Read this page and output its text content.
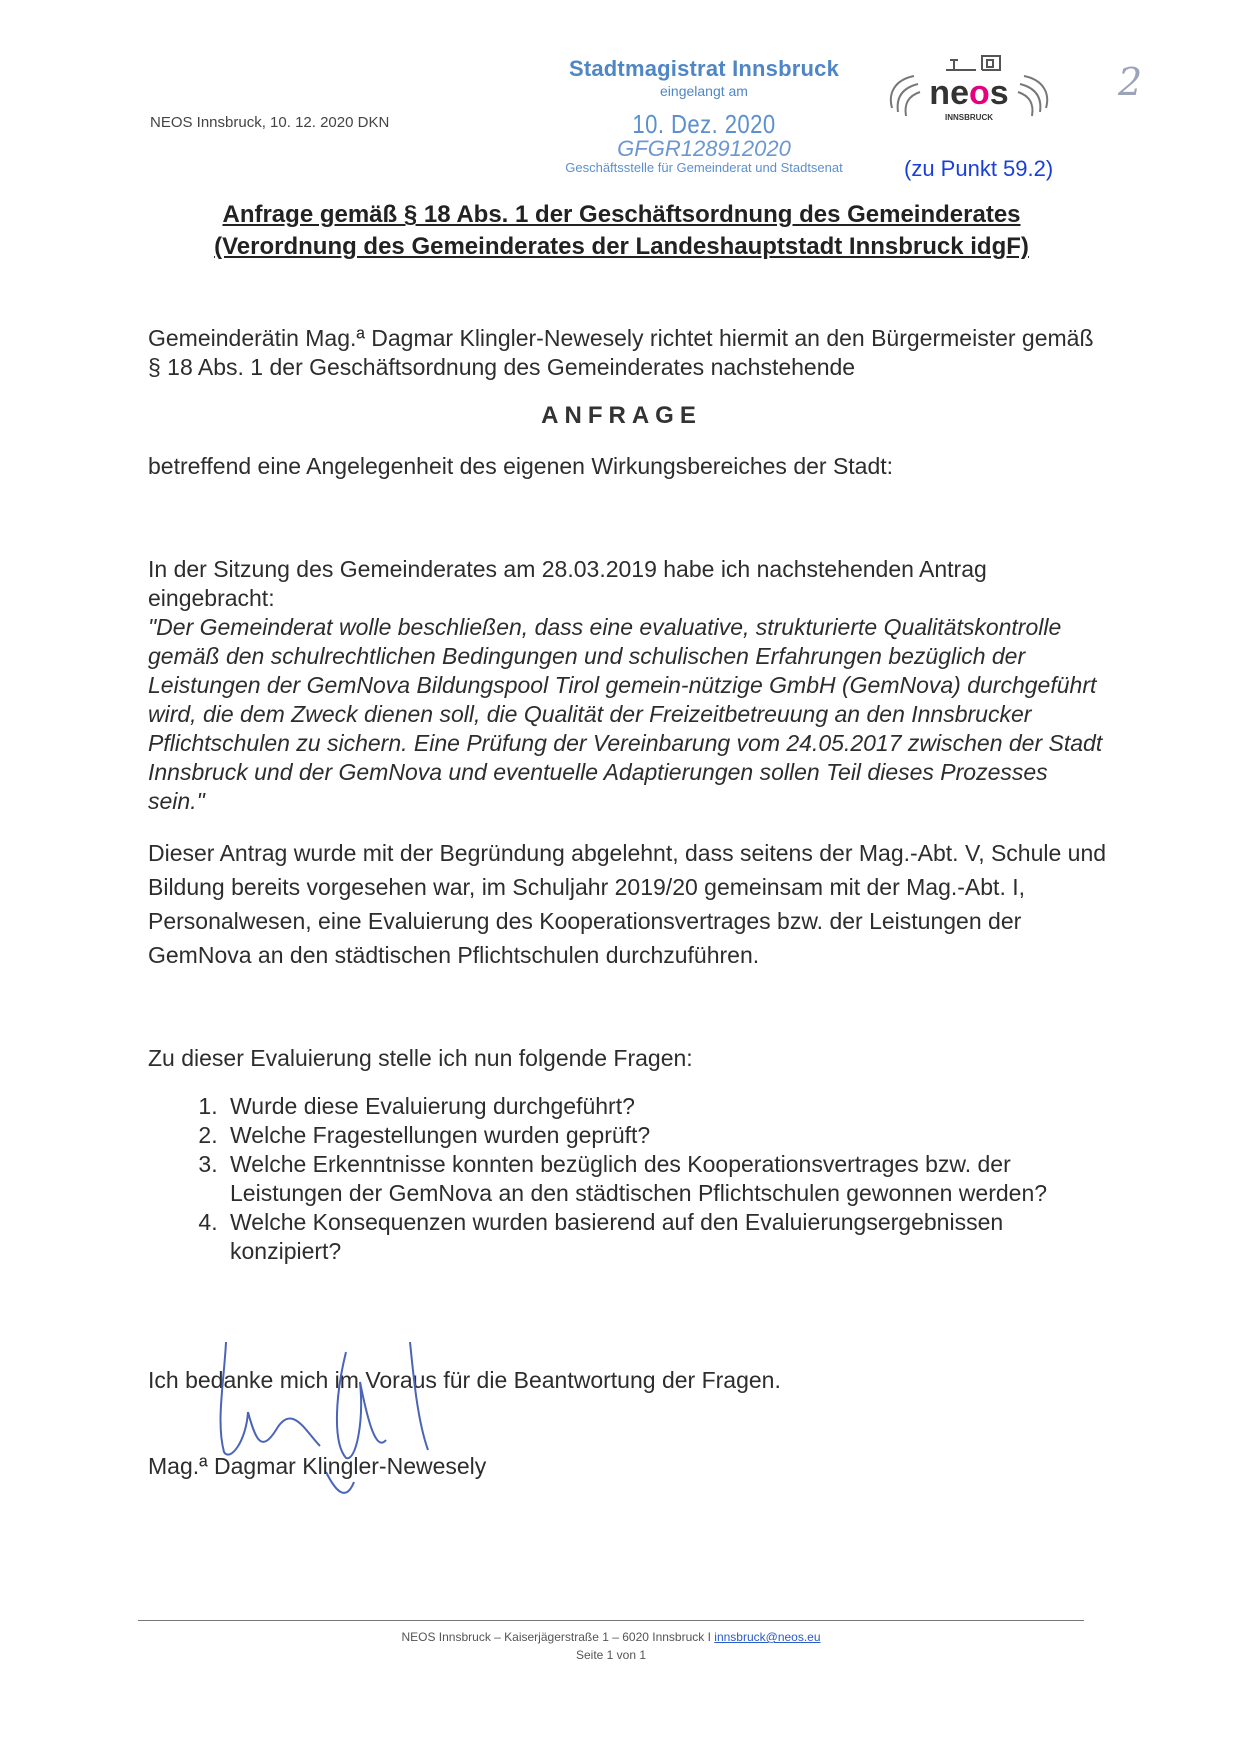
NEOS Innsbruck, 10. 12. 2020 DKN
Stadtmagistrat Innsbruck
eingelangt am
10. Dez. 2020
GFGR128912020
Geschäftsstelle für Gemeinderat und Stadtsenat
neos
INNSBRUCK
2
(zu Punkt 59.2)
Anfrage gemäß § 18 Abs. 1 der Geschäftsordnung des Gemeinderates
(Verordnung des Gemeinderates der Landeshauptstadt Innsbruck idgF)
Gemeinderätin Mag.ª Dagmar Klingler-Newesely richtet hiermit an den Bürgermeister gemäß § 18 Abs. 1 der Geschäftsordnung des Gemeinderates nachstehende
ANFRAGE
betreffend eine Angelegenheit des eigenen Wirkungsbereiches der Stadt:
In der Sitzung des Gemeinderates am 28.03.2019 habe ich nachstehenden Antrag eingebracht:
"Der Gemeinderat wolle beschließen, dass eine evaluative, strukturierte Qualitätskontrolle gemäß den schulrechtlichen Bedingungen und schulischen Erfahrungen bezüglich der Leistungen der GemNova Bildungspool Tirol gemein-nützige GmbH (GemNova) durchgeführt wird, die dem Zweck dienen soll, die Qualität der Freizeitbetreuung an den Innsbrucker Pflichtschulen zu sichern. Eine Prüfung der Vereinbarung vom 24.05.2017 zwischen der Stadt Innsbruck und der GemNova und eventuelle Adaptierungen sollen Teil dieses Prozesses sein."
Dieser Antrag wurde mit der Begründung abgelehnt, dass seitens der Mag.-Abt. V, Schule und Bildung bereits vorgesehen war, im Schuljahr 2019/20 gemeinsam mit der Mag.-Abt. I, Personalwesen, eine Evaluierung des Kooperationsvertrages bzw. der Leistungen der GemNova an den städtischen Pflichtschulen durchzuführen.
Zu dieser Evaluierung stelle ich nun folgende Fragen:
1. Wurde diese Evaluierung durchgeführt?
2. Welche Fragestellungen wurden geprüft?
3. Welche Erkenntnisse konnten bezüglich des Kooperationsvertrages bzw. der Leistungen der GemNova an den städtischen Pflichtschulen gewonnen werden?
4. Welche Konsequenzen wurden basierend auf den Evaluierungsergebnissen konzipiert?
Ich bedanke mich im Voraus für die Beantwortung der Fragen.
Mag.ª Dagmar Klingler-Newesely
NEOS Innsbruck – Kaiserjägerstraße 1 – 6020 Innsbruck I innsbruck@neos.eu
Seite 1 von 1
